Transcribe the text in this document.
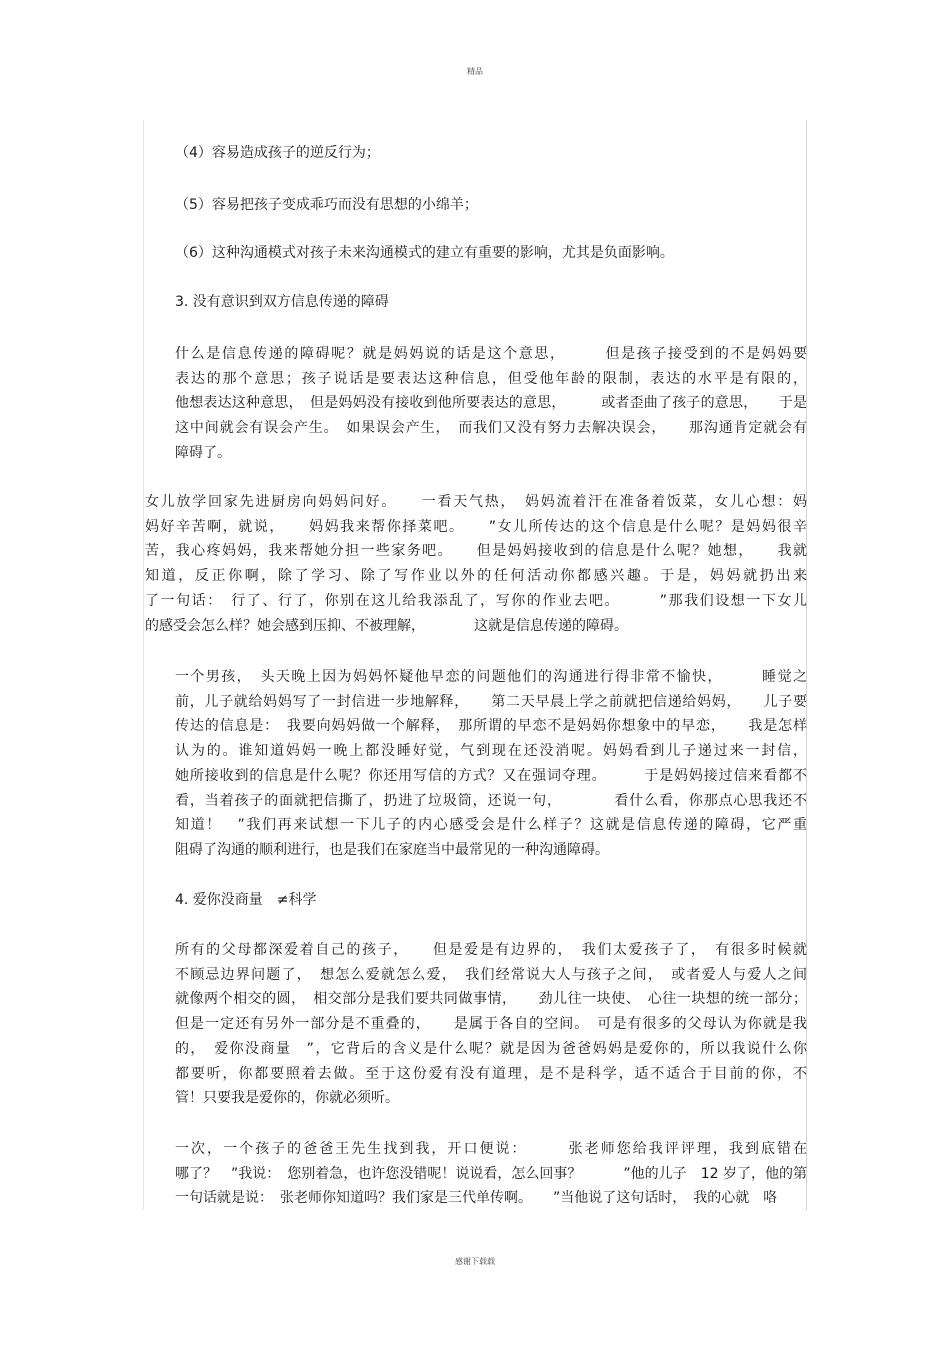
精品
（4）容易造成孩子的逆反行为；
（5）容易把孩子变成乖巧而没有思想的小绵羊；
（6）这种沟通模式对孩子未来沟通模式的建立有重要的影响，尤其是负面影响。
3. 没有意识到双方信息传递的障碍
什么是信息传递的障碍呢？就是妈妈说的话是这个意思，　　　但是孩子接受到的不是妈妈要
表达的那个意思；孩子说话是要表达这种信息，但受他年龄的限制，表达的水平是有限的，
他想表达这种意思，　但是妈妈没有接收到他所要表达的意思，　　　或者歪曲了孩子的意思，　　于是
这中间就会有误会产生。　如果误会产生，　而我们又没有努力去解决误会，　　那沟通肯定就会有
障碍了。
女儿放学回家先进厨房向妈妈问好。　　一看天气热，　妈妈流着汗在准备着饭菜，女儿心想：妈
妈好辛苦啊，就说，　　妈妈我来帮你择菜吧。　　”女儿所传达的这个信息是什么呢？是妈妈很辛
苦，我心疼妈妈，我来帮她分担一些家务吧。　　但是妈妈接收到的信息是什么呢？她想，　　我就
知道，反正你啊，除了学习、除了写作业以外的任何活动你都感兴趣。于是，妈妈就扔出来
了一句话：　行了、行了，你别在这儿给我添乱了，写你的作业去吧。　　　”那我们设想一下女儿
的感受会怎么样？她会感到压抑、不被理解，　　　　这就是信息传递的障碍。
一个男孩，　头天晚上因为妈妈怀疑他早恋的问题他们的沟通进行得非常不愉快，　　　睡觉之
前，儿子就给妈妈写了一封信进一步地解释，　　第二天早晨上学之前就把信递给妈妈，　　儿子要
传达的信息是：　我要向妈妈做一个解释，　那所谓的早恋不是妈妈你想象中的早恋，　　我是怎样
认为的。谁知道妈妈一晚上都没睡好觉，气到现在还没消呢。妈妈看到儿子递过来一封信，
她所接收到的信息是什么呢？你还用写信的方式？又在强词夺理。　　　于是妈妈接过信来看都不
看，当着孩子的面就把信撕了，扔进了垃圾筒，还说一句，　　　　看什么看，你那点心思我还不
知道！　”我们再来试想一下儿子的内心感受会是什么样子？这就是信息传递的障碍，它严重
阻碍了沟通的顺利进行，也是我们在家庭当中最常见的一种沟通障碍。
4. 爱你没商量　≠科学
所有的父母都深爱着自己的孩子，　　但是爱是有边界的，　我们太爱孩子了，　有很多时候就
不顾忌边界问题了，　想怎么爱就怎么爱，　我们经常说大人与孩子之间，　或者爱人与爱人之间
就像两个相交的圆，　相交部分是我们要共同做事情，　　劲儿往一块使、　心往一块想的统一部分；
但是一定还有另外一部分是不重叠的，　　是属于各自的空间。　可是有很多的父母认为你就是我
的，　爱你没商量　”，它背后的含义是什么呢？就是因为爸爸妈妈是爱你的，所以我说什么你
都要听，你都要照着去做。至于这份爱有没有道理，是不是科学，适不适合于目前的你，不
管！只要我是爱你的，你就必须听。
一次，一个孩子的爸爸王先生找到我，开口便说：　　　张老师您给我评评理，我到底错在
哪了？　”我说：　您别着急，也许您没错呢！说说看，怎么回事？　　　”他的儿子　12 岁了，他的第
一句话就是说：　张老师你知道吗？我们家是三代单传啊。　　”当他说了这句话时，　我的心就　咯
感谢下载载
